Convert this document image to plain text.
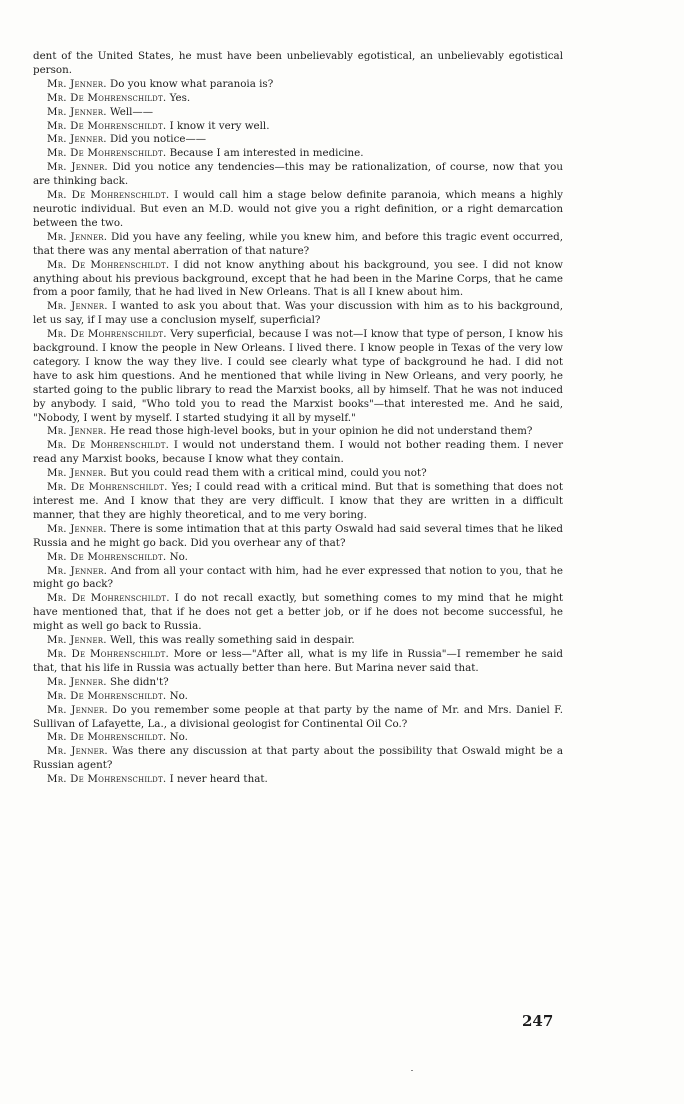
dent of the United States, he must have been unbelievably egotistical, an unbelievably egotistical person.

Mr. Jenner. Do you know what paranoia is?

Mr. De Mohrenschildt. Yes.

Mr. Jenner. Well——

Mr. De Mohrenschildt. I know it very well.

Mr. Jenner. Did you notice——

Mr. De Mohrenschildt. Because I am interested in medicine.

Mr. Jenner. Did you notice any tendencies—this may be rationalization, of course, now that you are thinking back.

Mr. De Mohrenschildt. I would call him a stage below definite paranoia, which means a highly neurotic individual. But even an M.D. would not give you a right definition, or a right demarcation between the two.

Mr. Jenner. Did you have any feeling, while you knew him, and before this tragic event occurred, that there was any mental aberration of that nature?

Mr. De Mohrenschildt. I did not know anything about his background, you see. I did not know anything about his previous background, except that he had been in the Marine Corps, that he came from a poor family, that he had lived in New Orleans. That is all I knew about him.

Mr. Jenner. I wanted to ask you about that. Was your discussion with him as to his background, let us say, if I may use a conclusion myself, superficial?

Mr. De Mohrenschildt. Very superficial, because I was not—I know that type of person, I know his background. I know the people in New Orleans. I lived there. I know people in Texas of the very low category. I know the way they live. I could see clearly what type of background he had. I did not have to ask him questions. And he mentioned that while living in New Orleans, and very poorly, he started going to the public library to read the Marxist books, all by himself. That he was not induced by anybody. I said, "Who told you to read the Marxist books"—that interested me. And he said, "Nobody, I went by myself. I started studying it all by myself."

Mr. Jenner. He read those high-level books, but in your opinion he did not understand them?

Mr. De Mohrenschildt. I would not understand them. I would not bother reading them. I never read any Marxist books, because I know what they contain.

Mr. Jenner. But you could read them with a critical mind, could you not?

Mr. De Mohrenschildt. Yes; I could read with a critical mind. But that is something that does not interest me. And I know that they are very difficult. I know that they are written in a difficult manner, that they are highly theoretical, and to me very boring.

Mr. Jenner. There is some intimation that at this party Oswald had said several times that he liked Russia and he might go back. Did you overhear any of that?

Mr. De Mohrenschildt. No.

Mr. Jenner. And from all your contact with him, had he ever expressed that notion to you, that he might go back?

Mr. De Mohrenschildt. I do not recall exactly, but something comes to my mind that he might have mentioned that, that if he does not get a better job, or if he does not become successful, he might as well go back to Russia.

Mr. Jenner. Well, this was really something said in despair.

Mr. De Mohrenschildt. More or less—"After all, what is my life in Russia"—I remember he said that, that his life in Russia was actually better than here. But Marina never said that.

Mr. Jenner. She didn't?

Mr. De Mohrenschildt. No.

Mr. Jenner. Do you remember some people at that party by the name of Mr. and Mrs. Daniel F. Sullivan of Lafayette, La., a divisional geologist for Continental Oil Co.?

Mr. De Mohrenschildt. No.

Mr. Jenner. Was there any discussion at that party about the possibility that Oswald might be a Russian agent?

Mr. De Mohrenschildt. I never heard that.

247
